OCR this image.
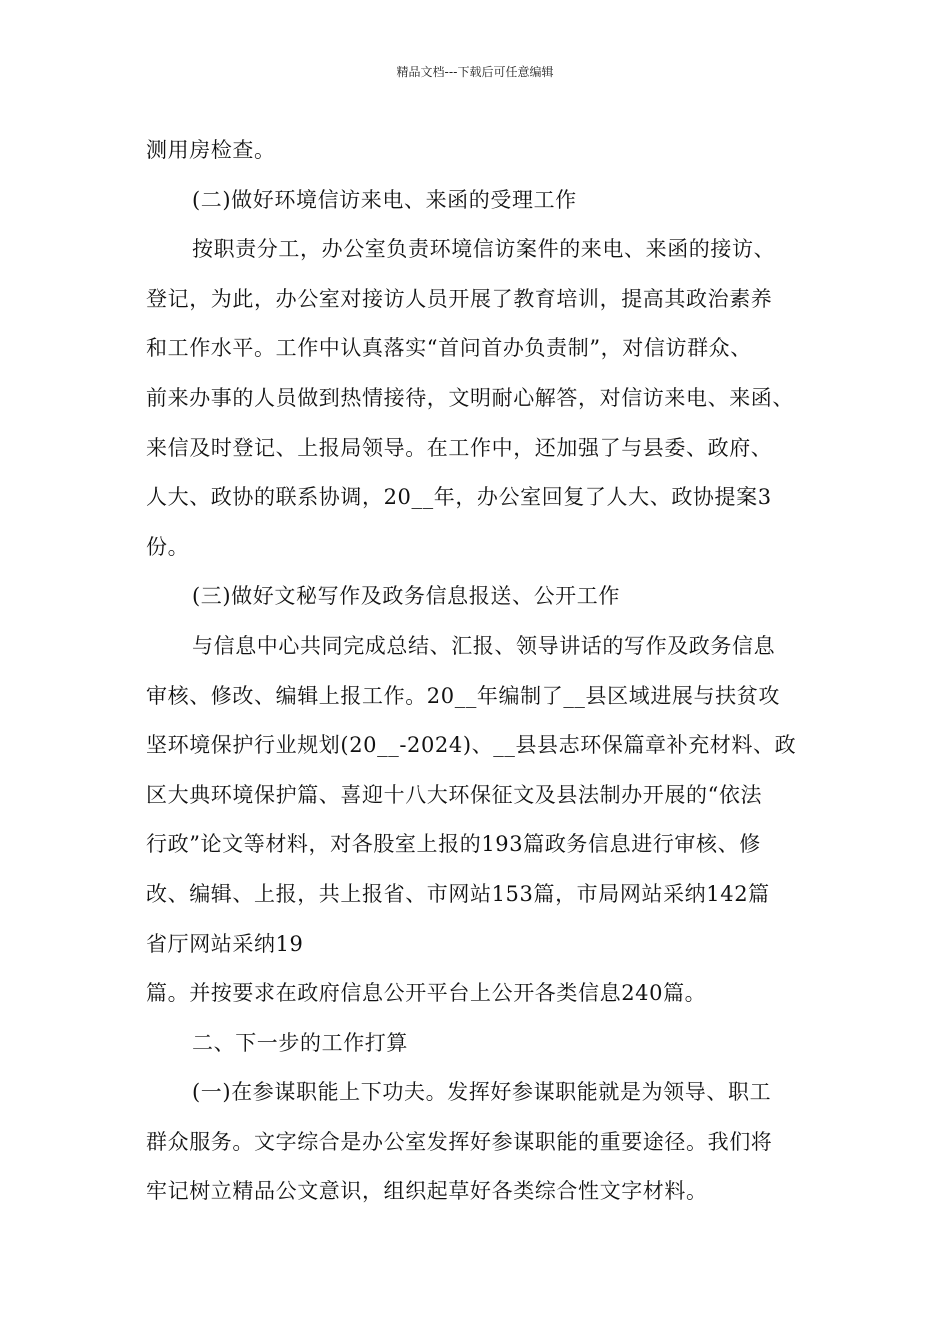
精品文档---下载后可任意编辑
测用房检查。
(二)做好环境信访来电、来函的受理工作
按职责分工，办公室负责环境信访案件的来电、来函的接访、
登记，为此，办公室对接访人员开展了教育培训，提高其政治素养
和工作水平。工作中认真落实“首问首办负责制”，对信访群众、
前来办事的人员做到热情接待，文明耐心解答，对信访来电、来函、
来信及时登记、上报局领导。在工作中，还加强了与县委、政府、
人大、政协的联系协调，20__年，办公室回复了人大、政协提案3
份。
(三)做好文秘写作及政务信息报送、公开工作
与信息中心共同完成总结、汇报、领导讲话的写作及政务信息
审核、修改、编辑上报工作。20__年编制了__县区域进展与扶贫攻
坚环境保护行业规划(20__-2024)、__县县志环保篇章补充材料、政
区大典环境保护篇、喜迎十八大环保征文及县法制办开展的“依法
行政”论文等材料，对各股室上报的193篇政务信息进行审核、修
改、编辑、上报，共上报省、市网站153篇，市局网站采纳142篇
省厅网站采纳19
篇。并按要求在政府信息公开平台上公开各类信息240篇。
二、下一步的工作打算
(一)在参谋职能上下功夫。发挥好参谋职能就是为领导、职工
群众服务。文字综合是办公室发挥好参谋职能的重要途径。我们将
牢记树立精品公文意识，组织起草好各类综合性文字材料。
